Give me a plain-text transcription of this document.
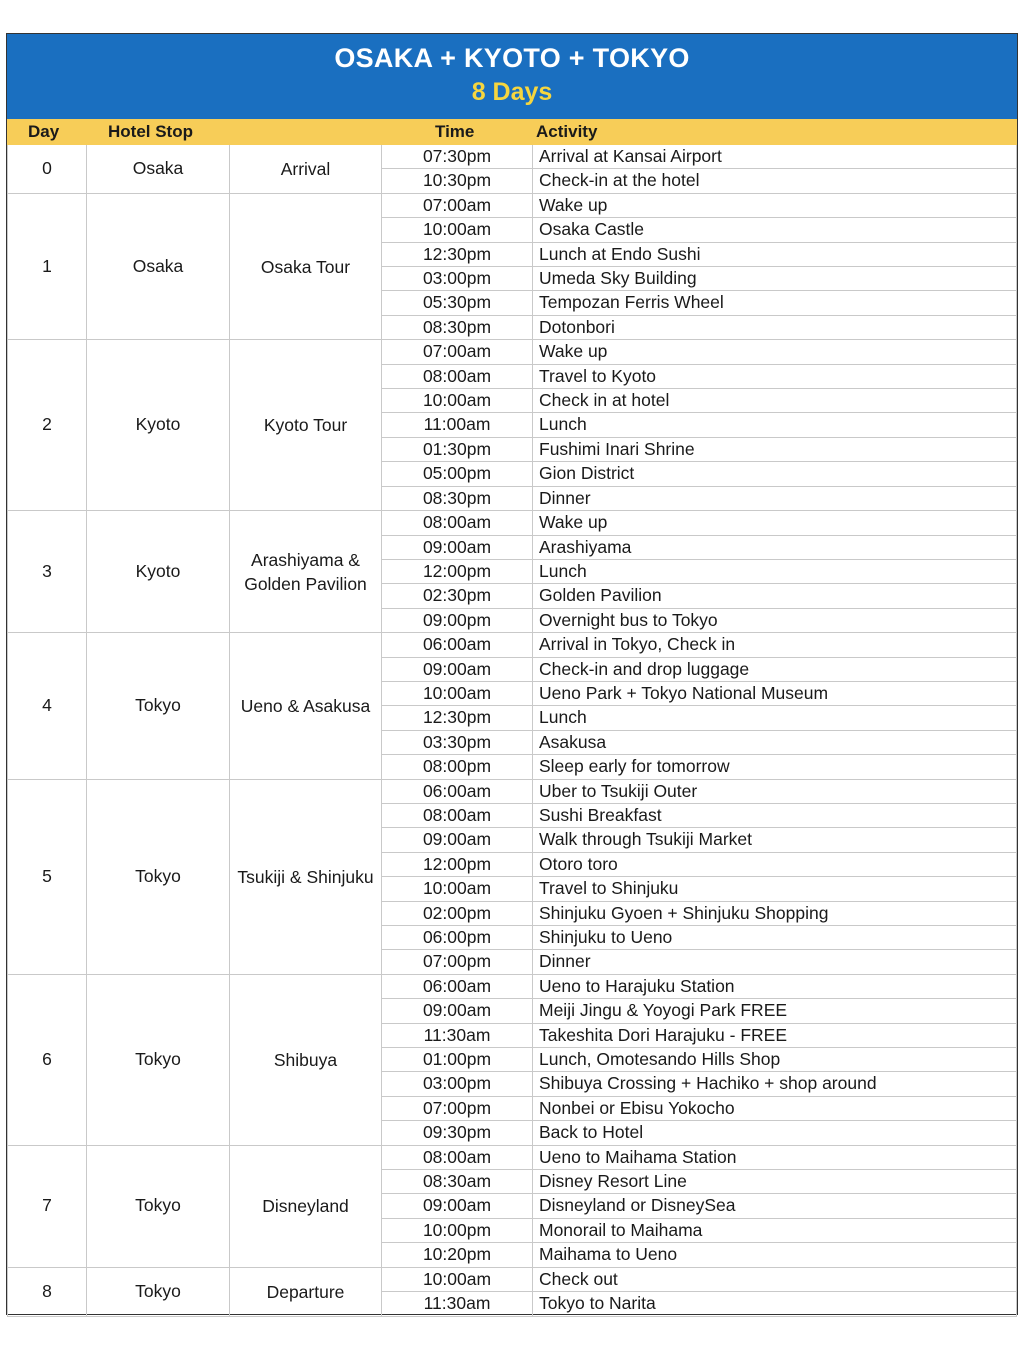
OSAKA + KYOTO + TOKYO
8 Days
Day	Hotel Stop	Time	Activity
0	Osaka	Arrival	07:30pm	Arrival at Kansai Airport
			10:30pm	Check-in at the hotel
1	Osaka	Osaka Tour	07:00am	Wake up
			10:00am	Osaka Castle
			12:30pm	Lunch at Endo Sushi
			03:00pm	Umeda Sky Building
			05:30pm	Tempozan Ferris Wheel
			08:30pm	Dotonbori
2	Kyoto	Kyoto Tour	07:00am	Wake up
			08:00am	Travel to Kyoto
			10:00am	Check in at hotel
			11:00am	Lunch
			01:30pm	Fushimi Inari Shrine
			05:00pm	Gion District
			08:30pm	Dinner
3	Kyoto	Arashiyama & Golden Pavilion	08:00am	Wake up
			09:00am	Arashiyama
			12:00pm	Lunch
			02:30pm	Golden Pavilion
			09:00pm	Overnight bus to Tokyo
4	Tokyo	Ueno & Asakusa	06:00am	Arrival in Tokyo, Check in
			09:00am	Check-in and drop luggage
			10:00am	Ueno Park + Tokyo National Museum
			12:30pm	Lunch
			03:30pm	Asakusa
			08:00pm	Sleep early for tomorrow
5	Tokyo	Tsukiji & Shinjuku	06:00am	Uber to Tsukiji Outer
			08:00am	Sushi Breakfast
			09:00am	Walk through Tsukiji Market
			12:00pm	Otoro toro
			10:00am	Travel to Shinjuku
			02:00pm	Shinjuku Gyoen + Shinjuku Shopping
			06:00pm	Shinjuku to Ueno
			07:00pm	Dinner
6	Tokyo	Shibuya	06:00am	Ueno to Harajuku Station
			09:00am	Meiji Jingu & Yoyogi Park FREE
			11:30am	Takeshita Dori Harajuku - FREE
			01:00pm	Lunch, Omotesando Hills Shop
			03:00pm	Shibuya Crossing + Hachiko + shop around
			07:00pm	Nonbei or Ebisu Yokocho
			09:30pm	Back to Hotel
7	Tokyo	Disneyland	08:00am	Ueno to Maihama Station
			08:30am	Disney Resort Line
			09:00am	Disneyland or DisneySea
			10:00pm	Monorail to Maihama
			10:20pm	Maihama to Ueno
8	Tokyo	Departure	10:00am	Check out
			11:30am	Tokyo to Narita
